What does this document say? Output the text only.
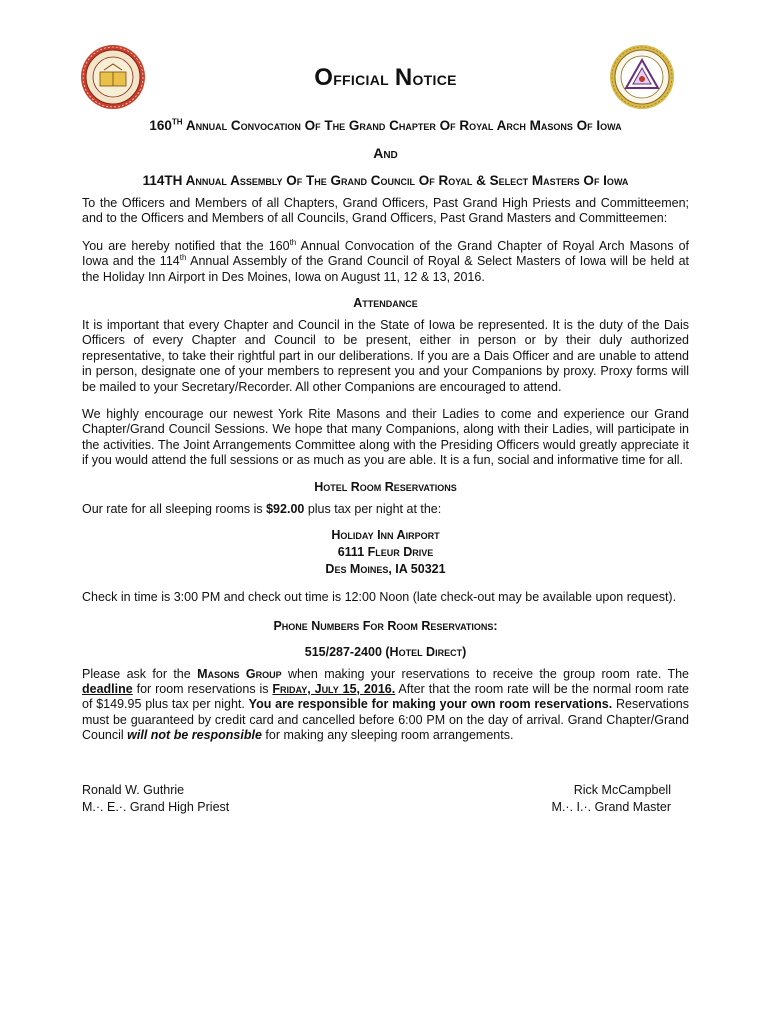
Official Notice

160TH Annual Convocation Of The Grand Chapter Of Royal Arch Masons Of Iowa

And

114TH Annual Assembly Of The Grand Council Of Royal & Select Masters Of Iowa

To the Officers and Members of all Chapters, Grand Officers, Past Grand High Priests and Committeemen; and to the Officers and Members of all Councils, Grand Officers, Past Grand Masters and Committeemen:

You are hereby notified that the 160th Annual Convocation of the Grand Chapter of Royal Arch Masons of Iowa and the 114th Annual Assembly of the Grand Council of Royal & Select Masters of Iowa will be held at the Holiday Inn Airport in Des Moines, Iowa on August 11, 12 & 13, 2016.

Attendance

It is important that every Chapter and Council in the State of Iowa be represented. It is the duty of the Dais Officers of every Chapter and Council to be present, either in person or by their duly authorized representative, to take their rightful part in our deliberations. If you are a Dais Officer and are unable to attend in person, designate one of your members to represent you and your Companions by proxy. Proxy forms will be mailed to your Secretary/Recorder. All other Companions are encouraged to attend.

We highly encourage our newest York Rite Masons and their Ladies to come and experience our Grand Chapter/Grand Council Sessions. We hope that many Companions, along with their Ladies, will participate in the activities. The Joint Arrangements Committee along with the Presiding Officers would greatly appreciate it if you would attend the full sessions or as much as you are able. It is a fun, social and informative time for all.

Hotel Room Reservations

Our rate for all sleeping rooms is $92.00 plus tax per night at the:

Holiday Inn Airport
6111 Fleur Drive
Des Moines, IA 50321

Check in time is 3:00 PM and check out time is 12:00 Noon (late check-out may be available upon request).

Phone Numbers For Room Reservations:

515/287-2400 (Hotel Direct)

Please ask for the Masons Group when making your reservations to receive the group room rate. The deadline for room reservations is Friday, July 15, 2016. After that the room rate will be the normal room rate of $149.95 plus tax per night. You are responsible for making your own room reservations. Reservations must be guaranteed by credit card and cancelled before 6:00 PM on the day of arrival. Grand Chapter/Grand Council will not be responsible for making any sleeping room arrangements.

Ronald W. Guthrie
M.·. E.·. Grand High Priest
Rick McCampbell
M.·. I.·. Grand Master
